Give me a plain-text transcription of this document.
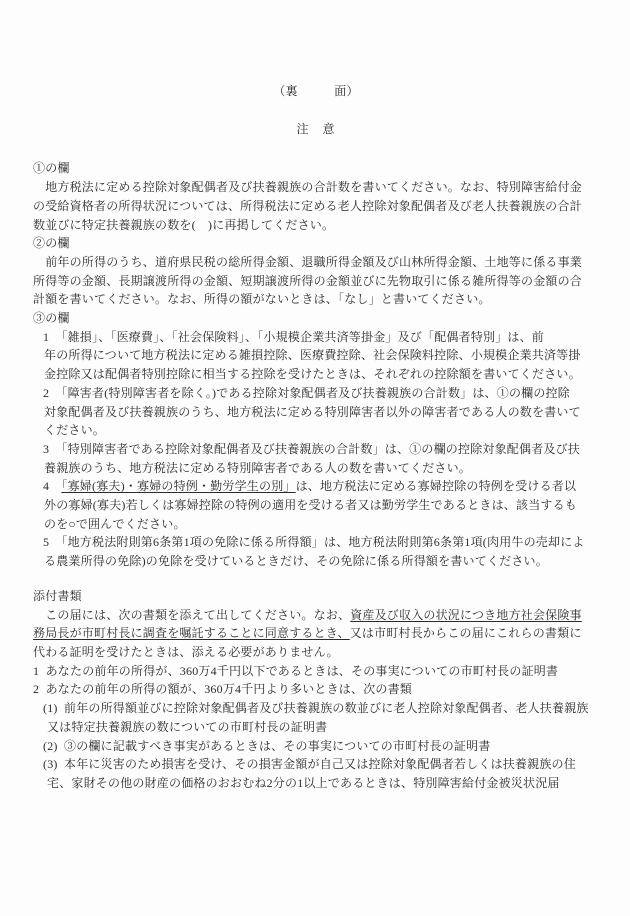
（裏　　　面）
注　意
①の欄
　地方税法に定める控除対象配偶者及び扶養親族の合計数を書いてください。なお、特別障害給付金
の受給資格者の所得状況については、所得税法に定める老人控除対象配偶者及び老人扶養親族の合計
数並びに特定扶養親族の数を(　)に再掲してください。
②の欄
　前年の所得のうち、道府県民税の総所得金額、退職所得金額及び山林所得金額、土地等に係る事業
所得等の金額、長期譲渡所得の金額、短期譲渡所得の金額並びに先物取引に係る雑所得等の金額の合
計額を書いてください。なお、所得の額がないときは、「なし」と書いてください。
③の欄
1　「雑損」、「医療費」、「社会保険料」、「小規模企業共済等掛金」及び「配偶者特別」は、前
年の所得について地方税法に定める雑損控除、医療費控除、社会保険料控除、小規模企業共済等掛
金控除又は配偶者特別控除に相当する控除を受けたときは、それぞれの控除額を書いてください。
2　「障害者(特別障害者を除く。)である控除対象配偶者及び扶養親族の合計数」は、①の欄の控除
対象配偶者及び扶養親族のうち、地方税法に定める特別障害者以外の障害者である人の数を書いて
ください。
3　「特別障害者である控除対象配偶者及び扶養親族の合計数」は、①の欄の控除対象配偶者及び扶
養親族のうち、地方税法に定める特別障害者である人の数を書いてください。
4　「寡婦(寡夫)・寡婦の特例・勤労学生の別」は、地方税法に定める寡婦控除の特例を受ける者以
外の寡婦(寡夫)若しくは寡婦控除の特例の適用を受ける者又は勤労学生であるときは、該当するも
のを○で囲んでください。
5　「地方税法附則第6条第1項の免除に係る所得額」は、地方税法附則第6条第1項(肉用牛の売却によ
る農業所得の免除)の免除を受けているときだけ、その免除に係る所得額を書いてください。
添付書類
　この届には、次の書類を添えて出してください。なお、資産及び収入の状況につき地方社会保険事
務局長が市町村長に調査を嘱託することに同意するとき、又は市町村長からこの届にこれらの書類に
代わる証明を受けたときは、添える必要がありません。
1  あなたの前年の所得が、360万4千円以下であるときは、その事実についての市町村長の証明書
2  あなたの前年の所得の額が、360万4千円より多いときは、次の書類
(1)  前年の所得額並びに控除対象配偶者及び扶養親族の数並びに老人控除対象配偶者、老人扶養親族
又は特定扶養親族の数についての市町村長の証明書
(2)  ③の欄に記載すべき事実があるときは、その事実についての市町村長の証明書
(3)  本年に災害のため損害を受け、その損害金額が自己又は控除対象配偶者若しくは扶養親族の住
宅、家財その他の財産の価格のおおむね2分の1以上であるときは、特別障害給付金被災状況届
